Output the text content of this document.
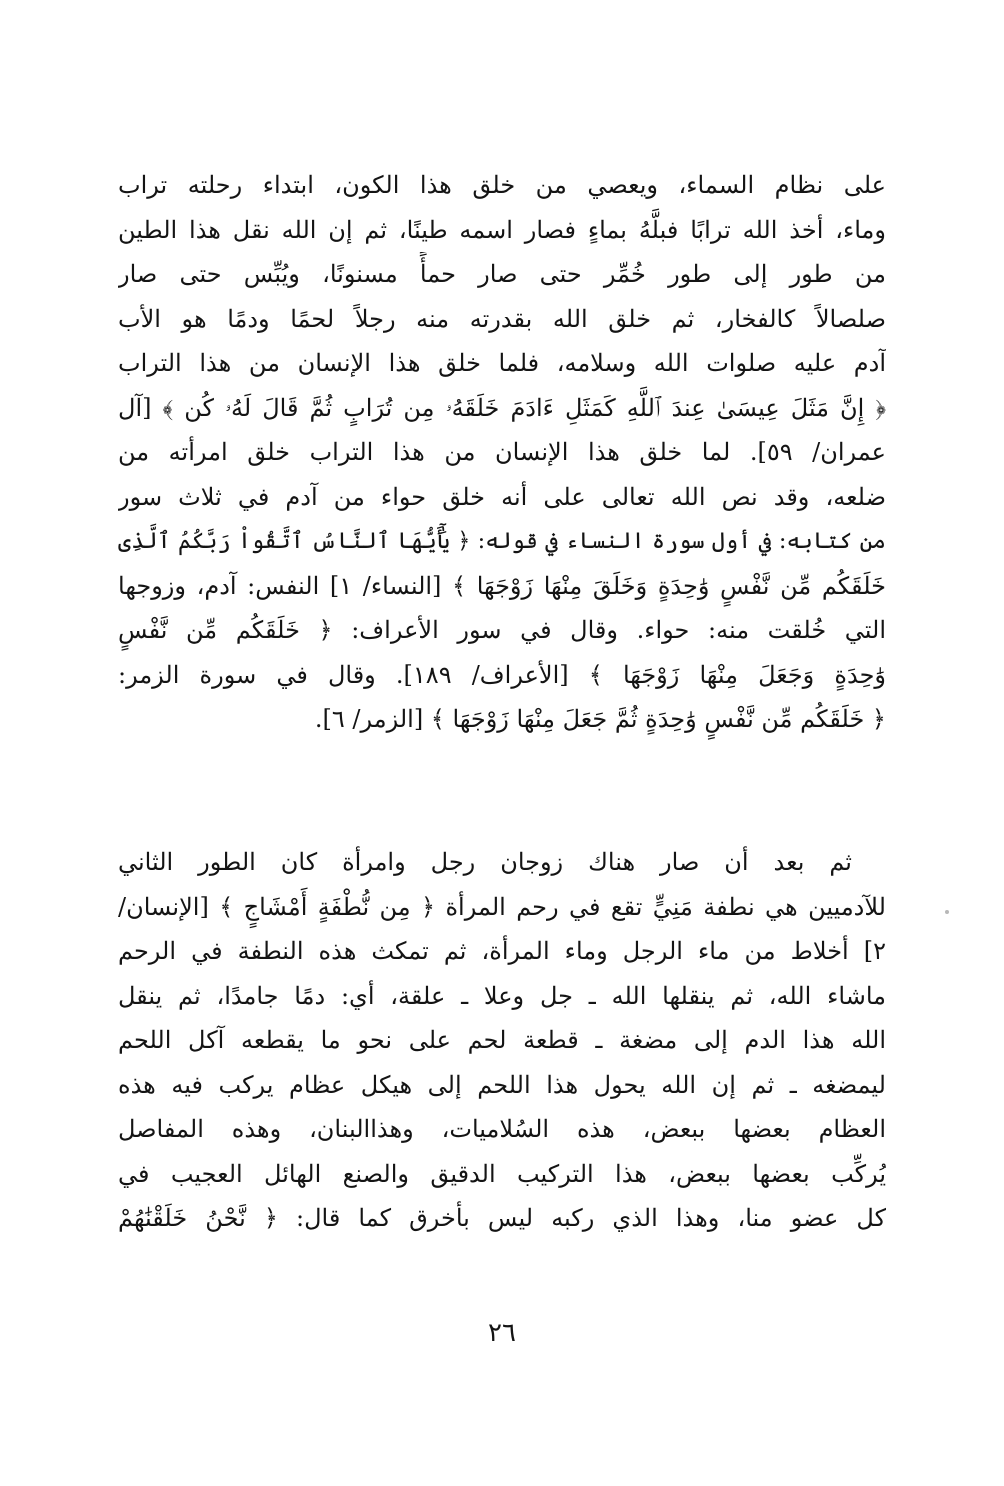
على نظام السماء، ويعصي من خلق هذا الكون، ابتداء رحلته تراب
وماء، أخذ الله ترابًا فبلَّهُ بماءٍ فصار اسمه طينًا، ثم إن الله نقل هذا الطين
من طور إلى طور خُمِّر حتى صار حمأً مسنونًا، ويُبِّس حتى صار
صلصالاً كالفخار، ثم خلق الله بقدرته منه رجلاً لحمًا ودمًا هو الأب
آدم عليه صلوات الله وسلامه، فلما خلق هذا الإنسان من هذا التراب
﴿ إِنَّ مَثَلَ عِيسَىٰ عِندَ ٱللَّهِ كَمَثَلِ ءَادَمَ خَلَقَهُۥ مِن تُرَابٍ ثُمَّ قَالَ لَهُۥ كُن ﴾ [آل
عمران/ ٥٩]. لما خلق هذا الإنسان من هذا التراب خلق امرأته من
ضلعه، وقد نص الله تعالى على أنه خلق حواء من آدم في ثلاث سور
من كتابه: في أول سورة النساء في قوله: ﴿ يَٰٓأَيُّهَا ٱلنَّاسُ ٱتَّقُواْ رَبَّكُمُ ٱلَّذِى
خَلَقَكُم مِّن نَّفْسٍ وَٰحِدَةٍ وَخَلَقَ مِنْهَا زَوْجَهَا ﴾ [النساء/ ١] النفس: آدم، وزوجها
التي خُلقت منه: حواء. وقال في سور الأعراف: ﴿ خَلَقَكُم مِّن نَّفْسٍ
وَٰحِدَةٍ وَجَعَلَ مِنْهَا زَوْجَهَا ﴾ [الأعراف/ ١٨٩]. وقال في سورة الزمر:
﴿ خَلَقَكُم مِّن نَّفْسٍ وَٰحِدَةٍ ثُمَّ جَعَلَ مِنْهَا زَوْجَهَا ﴾ [الزمر/ ٦].
ثم بعد أن صار هناك زوجان رجل وامرأة كان الطور الثاني
للآدميين هي نطفة مَنِيٍّ تقع في رحم المرأة ﴿ مِن نُّطْفَةٍ أَمْشَاجٍ ﴾ [الإنسان/
٢] أخلاط من ماء الرجل وماء المرأة، ثم تمكث هذه النطفة في الرحم
ماشاء الله، ثم ينقلها الله ـ جل وعلا ـ علقة، أي: دمًا جامدًا، ثم ينقل
الله هذا الدم إلى مضغة ـ قطعة لحم على نحو ما يقطعه آكل اللحم
ليمضغه ـ ثم إن الله يحول هذا اللحم إلى هيكل عظام يركب فيه هذه
العظام بعضها ببعض، هذه السُلاميات، وهذاالبنان، وهذه المفاصل
يُركِّب بعضها ببعض، هذا التركيب الدقيق والصنع الهائل العجيب في
كل عضو منا، وهذا الذي ركبه ليس بأخرق كما قال: ﴿ نَّحْنُ خَلَقْنَٰهُمْ
٢٦
